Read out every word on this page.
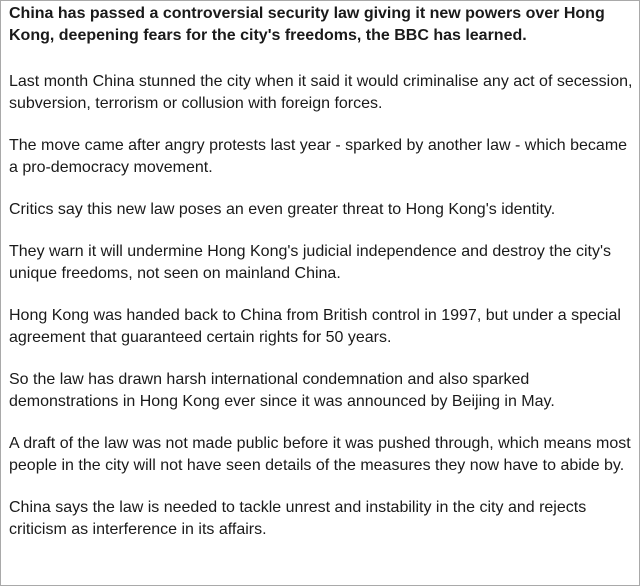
China has passed a controversial security law giving it new powers over Hong Kong, deepening fears for the city's freedoms, the BBC has learned.

Last month China stunned the city when it said it would criminalise any act of secession, subversion, terrorism or collusion with foreign forces.

The move came after angry protests last year - sparked by another law - which became a pro-democracy movement.

Critics say this new law poses an even greater threat to Hong Kong's identity.

They warn it will undermine Hong Kong's judicial independence and destroy the city's unique freedoms, not seen on mainland China.

Hong Kong was handed back to China from British control in 1997, but under a special agreement that guaranteed certain rights for 50 years.

So the law has drawn harsh international condemnation and also sparked demonstrations in Hong Kong ever since it was announced by Beijing in May.

A draft of the law was not made public before it was pushed through, which means most people in the city will not have seen details of the measures they now have to abide by.

China says the law is needed to tackle unrest and instability in the city and rejects criticism as interference in its affairs.
